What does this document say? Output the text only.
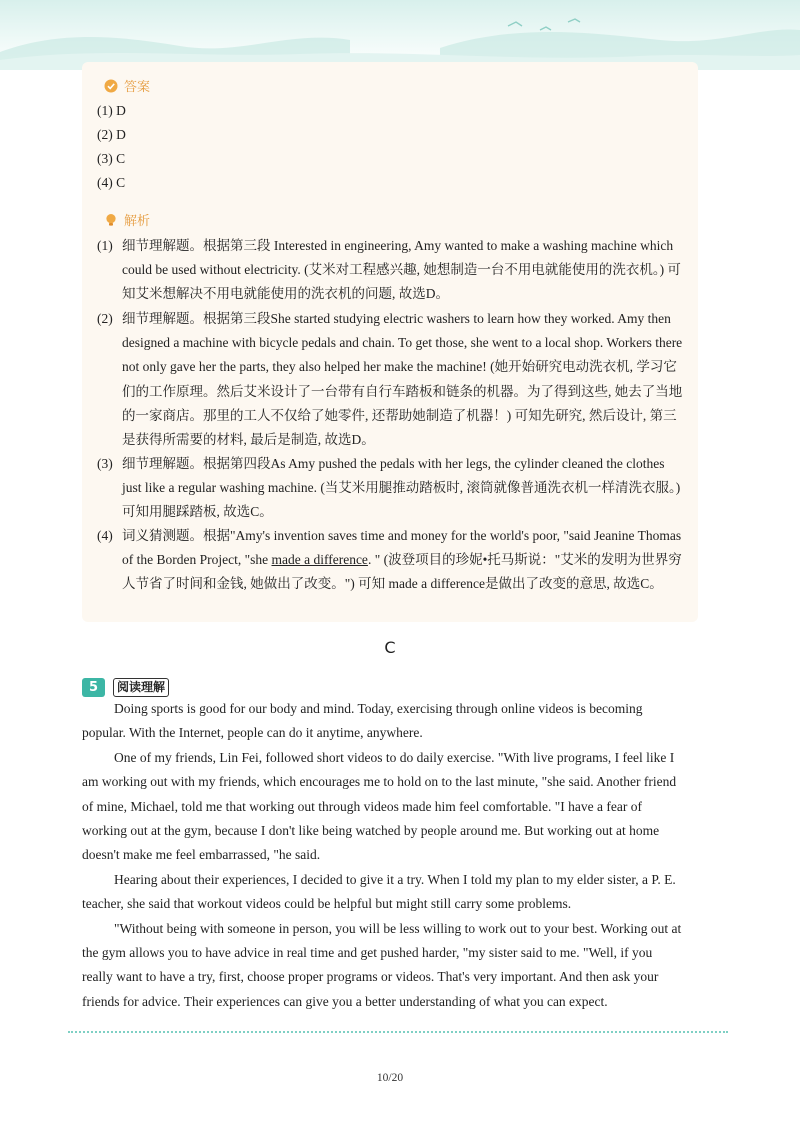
答案
(1) D
(2) D
(3) C
(4) C
解析
(1) 细节理解题。根据第三段 Interested in engineering, Amy wanted to make a washing machine which could be used without electricity. (艾米对工程感兴趣, 她想制造一台不用电就能使用的洗衣机。) 可知艾米想解决不用电就能使用的洗衣机的问题, 故选D。
(2) 细节理解题。根据第三段She started studying electric washers to learn how they worked. Amy then designed a machine with bicycle pedals and chain. To get those, she went to a local shop. Workers there not only gave her the parts, they also helped her make the machine! (她开始研究电动洗衣机, 学习它们的工作原理。然后艾米设计了一台带有自行车踏板和链条的机器。为了得到这些, 她去了当地的一家商店。那里的工人不仅给了她零件, 还帮助她制造了机器！) 可知先研究, 然后设计, 第三是获得所需要的材料, 最后是制造, 故选D。
(3) 细节理解题。根据第四段As Amy pushed the pedals with her legs, the cylinder cleaned the clothes just like a regular washing machine. (当艾米用腿推动踏板时, 滚筒就像普通洗衣机一样清洗衣服。) 可知用腿踩踏板, 故选C。
(4) 词义猜测题。根据"Amy's invention saves time and money for the world's poor, "said Jeanine Thomas of the Borden Project, "she made a difference. " (波登项目的珍妮•托马斯说："艾米的发明为世界穷人节省了时间和金钱, 她做出了改变。") 可知 made a difference是做出了改变的意思, 故选C。
C
5	阅读理解

Doing sports is good for our body and mind. Today, exercising through online videos is becoming popular. With the Internet, people can do it anytime, anywhere.

One of my friends, Lin Fei, followed short videos to do daily exercise. "With live programs, I feel like I am working out with my friends, which encourages me to hold on to the last minute, "she said. Another friend of mine, Michael, told me that working out through videos made him feel comfortable. "I have a fear of working out at the gym, because I don't like being watched by people around me. But working out at home doesn't make me feel embarrassed, "he said.

Hearing about their experiences, I decided to give it a try. When I told my plan to my elder sister, a P. E. teacher, she said that workout videos could be helpful but might still carry some problems.

"Without being with someone in person, you will be less willing to work out to your best. Working out at the gym allows you to have advice in real time and get pushed harder, "my sister said to me. "Well, if you really want to have a try, first, choose proper programs or videos. That's very important. And then ask your friends for advice. Their experiences can give you a better understanding of what you can expect.

10/20
